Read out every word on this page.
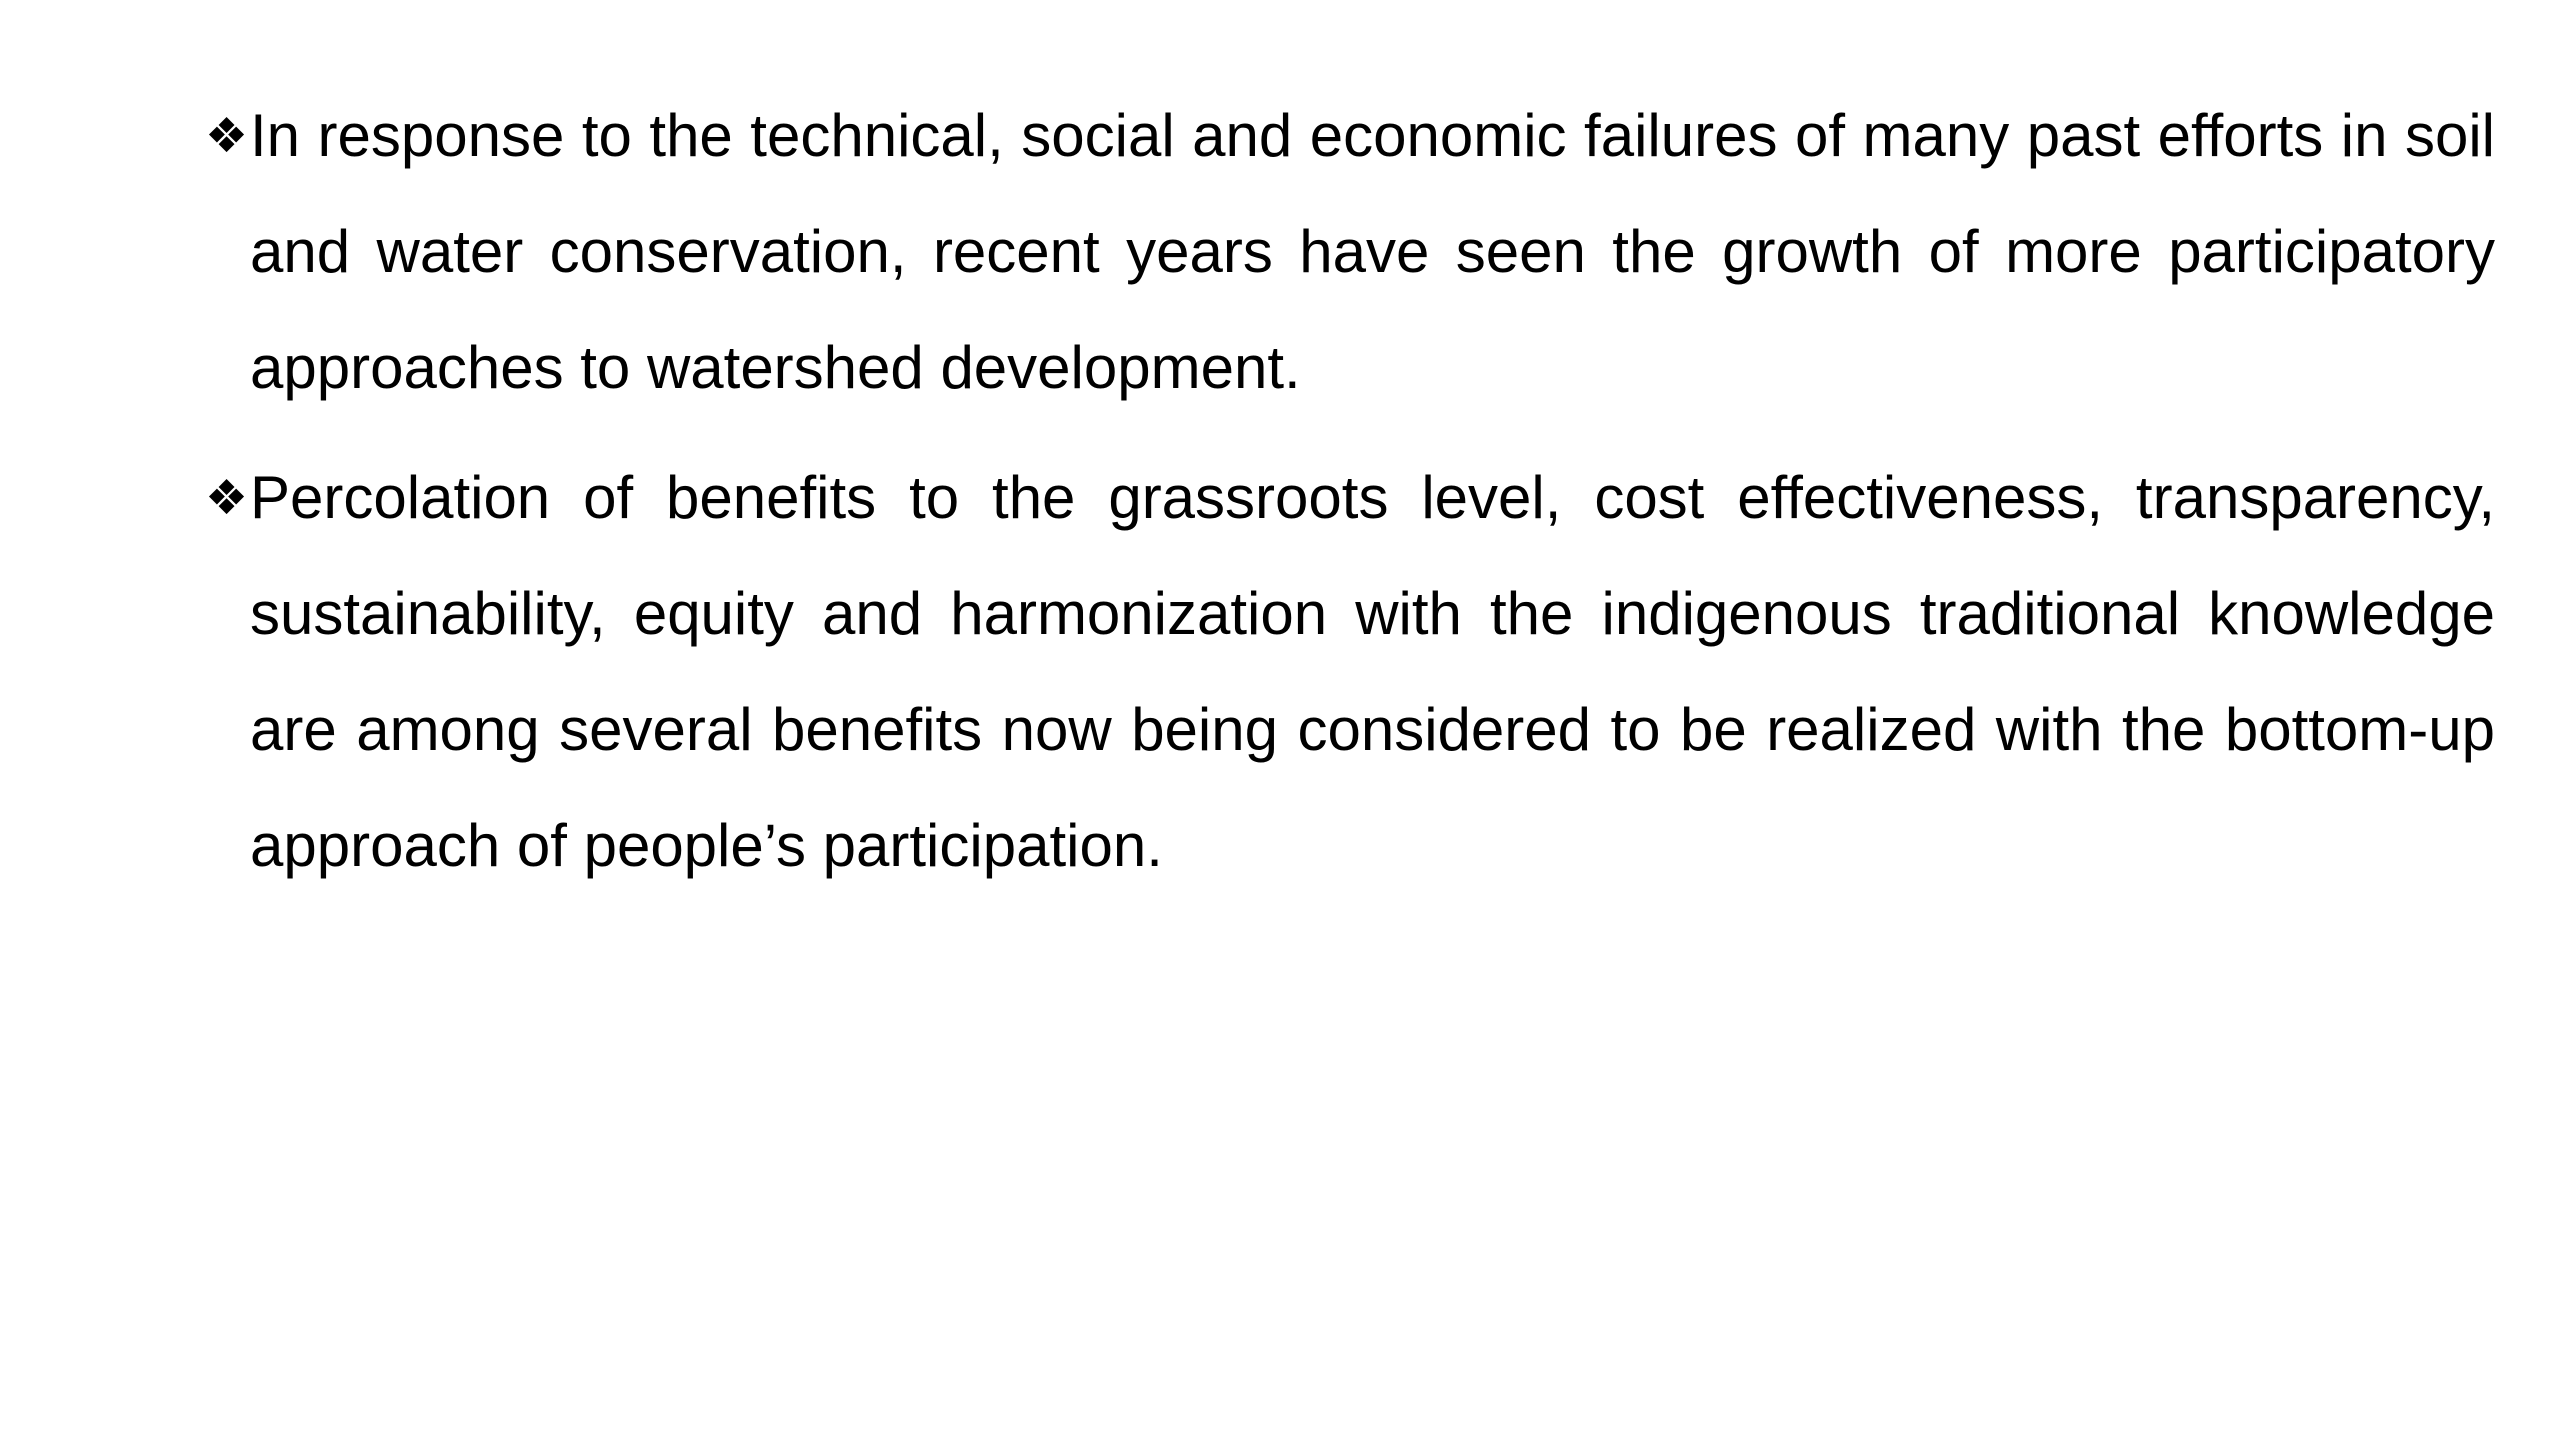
❖ In response to the technical, social and economic failures of many past efforts in soil and water conservation, recent years have seen the growth of more participatory approaches to watershed development.
❖ Percolation of benefits to the grassroots level, cost effectiveness, transparency, sustainability, equity and harmonization with the indigenous traditional knowledge are among several benefits now being considered to be realized with the bottom-up approach of people’s participation.
